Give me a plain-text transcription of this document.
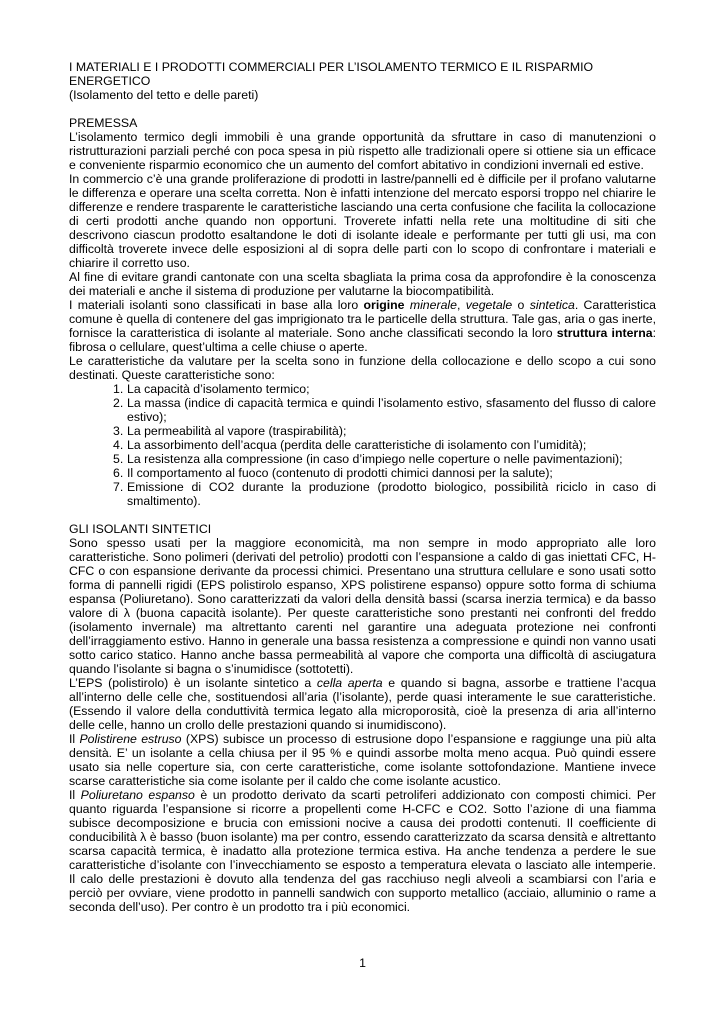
I MATERIALI E I PRODOTTI COMMERCIALI PER L’ISOLAMENTO TERMICO E IL RISPARMIO
ENERGETICO
(Isolamento del tetto e delle pareti)
PREMESSA

L’isolamento termico degli immobili è una grande opportunità da sfruttare in caso di manutenzioni o ristrutturazioni parziali perché con poca spesa in più rispetto alle tradizionali opere si ottiene sia un efficace e conveniente risparmio economico che un aumento del comfort abitativo in condizioni invernali ed estive.

In commercio c’è una grande proliferazione di prodotti in lastre/pannelli ed è difficile per il profano valutarne le differenza e operare una scelta corretta. Non è infatti intenzione del mercato esporsi troppo nel chiarire le differenze e rendere trasparente le caratteristiche lasciando una certa confusione che facilita la collocazione di certi prodotti anche quando non opportuni. Troverete infatti nella rete una moltitudine di siti che descrivono ciascun prodotto esaltandone le doti di isolante ideale e performante per tutti gli usi, ma con difficoltà troverete invece delle esposizioni al di sopra delle parti con lo scopo di confrontare i materiali e chiarire il corretto uso.

Al fine di evitare grandi cantonate con una scelta sbagliata la prima cosa da approfondire è la conoscenza dei materiali e anche il sistema di produzione per valutarne la biocompatibilità.

I materiali isolanti sono classificati in base alla loro origine minerale, vegetale o sintetica. Caratteristica comune è quella di contenere del gas imprigionato tra le particelle della struttura. Tale gas, aria o gas inerte, fornisce la caratteristica di isolante al materiale. Sono anche classificati secondo la loro struttura interna: fibrosa o cellulare, quest’ultima a celle chiuse o aperte.

Le caratteristiche da valutare per la scelta sono in funzione della collocazione e dello scopo a cui sono destinati. Queste caratteristiche sono:

1. La capacità d’isolamento termico;
2. La massa (indice di capacità termica e quindi l’isolamento estivo, sfasamento del flusso di calore estivo);
3. La permeabilità al vapore (traspirabilità);
4. La assorbimento dell’acqua (perdita delle caratteristiche di isolamento con l’umidità);
5. La resistenza alla compressione (in caso d’impiego nelle coperture o nelle pavimentazioni);
6. Il comportamento al fuoco (contenuto di prodotti chimici dannosi per la salute);
7. Emissione di CO2 durante la produzione (prodotto biologico, possibilità riciclo in caso di smaltimento).
GLI ISOLANTI SINTETICI

Sono spesso usati per la maggiore economicità, ma non sempre in modo appropriato alle loro caratteristiche. Sono polimeri (derivati del petrolio) prodotti con l’espansione a caldo di gas iniettati CFC, H-CFC o con espansione derivante da processi chimici. Presentano una struttura cellulare e sono usati sotto forma di pannelli rigidi (EPS polistirolo espanso, XPS polistirene espanso) oppure sotto forma di schiuma espansa (Poliuretano). Sono caratterizzati da valori della densità bassi (scarsa inerzia termica) e da basso valore di λ (buona capacità isolante). Per queste caratteristiche sono prestanti nei confronti del freddo (isolamento invernale) ma altrettanto carenti nel garantire una adeguata protezione nei confronti dell’irraggiamento estivo. Hanno in generale una bassa resistenza a compressione e quindi non vanno usati sotto carico statico. Hanno anche bassa permeabilità al vapore che comporta una difficoltà di asciugatura quando l’isolante si bagna o s’inumidisce (sottotetti).

L’EPS (polistirolo) è un isolante sintetico a cella aperta e quando si bagna, assorbe e trattiene l’acqua all’interno delle celle che, sostituendosi all’aria (l’isolante), perde quasi interamente le sue caratteristiche. (Essendo il valore della conduttività termica legato alla microporosità, cioè la presenza di aria all’interno delle celle, hanno un crollo delle prestazioni quando si inumidiscono).

Il Polistirene estruso (XPS) subisce un processo di estrusione dopo l’espansione e raggiunge una più alta densità. E’ un isolante a cella chiusa per il 95 % e quindi assorbe molta meno acqua. Può quindi essere usato sia nelle coperture sia, con certe caratteristiche, come isolante sottofondazione. Mantiene invece scarse caratteristiche sia come isolante per il caldo che come isolante acustico.

Il Poliuretano espanso è un prodotto derivato da scarti petroliferi addizionato con composti chimici. Per quanto riguarda l’espansione si ricorre a propellenti come H-CFC e CO2. Sotto l’azione di una fiamma subisce decomposizione e brucia con emissioni nocive a causa dei prodotti contenuti. Il coefficiente di conducibilità λ è basso (buon isolante) ma per contro, essendo caratterizzato da scarsa densità e altrettanto scarsa capacità termica, è inadatto alla protezione termica estiva. Ha anche tendenza a perdere le sue caratteristiche d’isolante con l’invecchiamento se esposto a temperatura elevata o lasciato alle intemperie. Il calo delle prestazioni è dovuto alla tendenza del gas racchiuso negli alveoli a scambiarsi con l’aria e perciò per ovviare, viene prodotto in pannelli sandwich con supporto metallico (acciaio, alluminio o rame a seconda dell’uso). Per contro è un prodotto tra i più economici.

1
